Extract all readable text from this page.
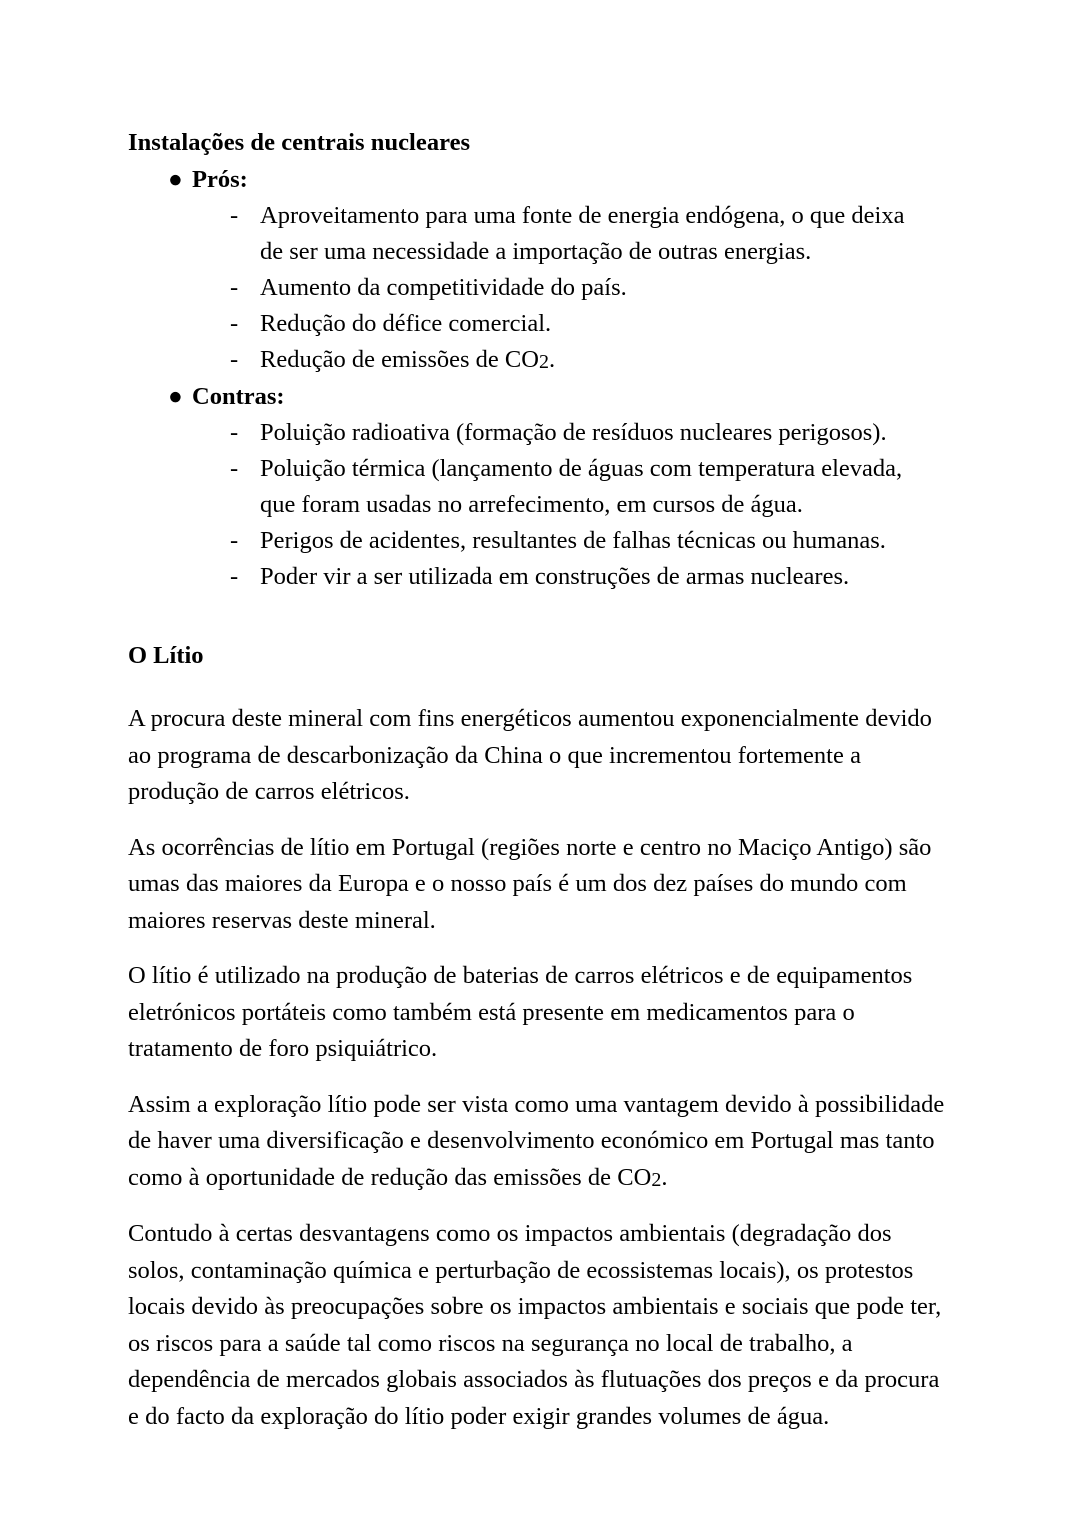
Instalações de centrais nucleares
● Prós:
- Aproveitamento para uma fonte de energia endógena, o que deixa
de ser uma necessidade a importação de outras energias.
- Aumento da competitividade do país.
- Redução do défice comercial.
- Redução de emissões de CO2.
● Contras:
- Poluição radioativa (formação de resíduos nucleares perigosos).
- Poluição térmica (lançamento de águas com temperatura elevada,
que foram usadas no arrefecimento, em cursos de água.
- Perigos de acidentes, resultantes de falhas técnicas ou humanas.
- Poder vir a ser utilizada em construções de armas nucleares.
O Lítio

A procura deste mineral com fins energéticos aumentou exponencialmente devido ao programa de descarbonização da China o que incrementou fortemente a produção de carros elétricos.

As ocorrências de lítio em Portugal (regiões norte e centro no Maciço Antigo) são umas das maiores da Europa e o nosso país é um dos dez países do mundo com maiores reservas deste mineral.

O lítio é utilizado na produção de baterias de carros elétricos e de equipamentos eletrónicos portáteis como também está presente em medicamentos para o tratamento de foro psiquiátrico.

Assim a exploração lítio pode ser vista como uma vantagem devido à possibilidade de haver uma diversificação e desenvolvimento económico em Portugal mas tanto como à oportunidade de redução das emissões de CO2.

Contudo à certas desvantagens como os impactos ambientais (degradação dos solos, contaminação química e perturbação de ecossistemas locais), os protestos locais devido às preocupações sobre os impactos ambientais e sociais que pode ter, os riscos para a saúde tal como riscos na segurança no local de trabalho, a dependência de mercados globais associados às flutuações dos preços e da procura e do facto da exploração do lítio poder exigir grandes volumes de água.
